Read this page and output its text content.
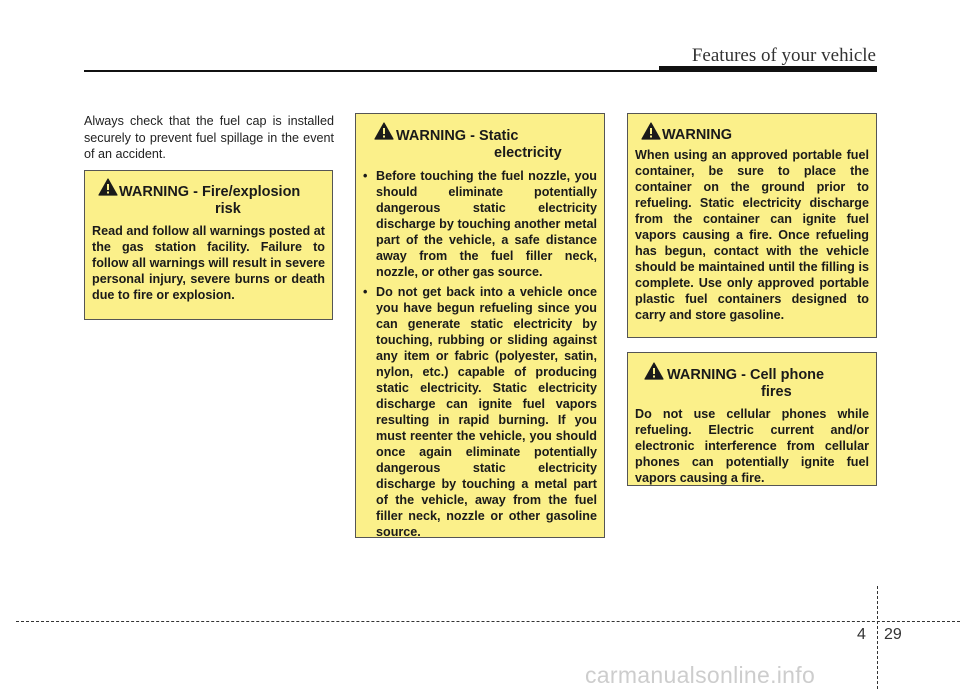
Features of your vehicle

Always check that the fuel cap is installed securely to prevent fuel spillage in the event of an accident.

WARNING - Fire/explosion
risk
Read and follow all warnings posted at the gas station facility. Failure to follow all warnings will result in severe personal injury, severe burns or death due to fire or explosion.
WARNING - Static
electricity
• Before touching the fuel nozzle, you should eliminate potentially dangerous static electricity discharge by touching another metal part of the vehicle, a safe distance away from the fuel filler neck, nozzle, or other gas source.
• Do not get back into a vehicle once you have begun refueling since you can generate static electricity by touching, rubbing or sliding against any item or fabric (polyester, satin, nylon, etc.) capable of producing static electricity. Static electricity discharge can ignite fuel vapors resulting in rapid burning. If you must reenter the vehicle, you should once again eliminate potentially dangerous static electricity discharge by touching a metal part of the vehicle, away from the fuel filler neck, nozzle or other gasoline source.
WARNING
When using an approved portable fuel container, be sure to place the container on the ground prior to refueling. Static electricity discharge from the container can ignite fuel vapors causing a fire. Once refueling has begun, contact with the vehicle should be maintained until the filling is complete. Use only approved portable plastic fuel containers designed to carry and store gasoline.
WARNING - Cell phone
fires
Do not use cellular phones while refueling. Electric current and/or electronic interference from cellular phones can potentially ignite fuel vapors causing a fire.
4 29
carmanualsonline.info
